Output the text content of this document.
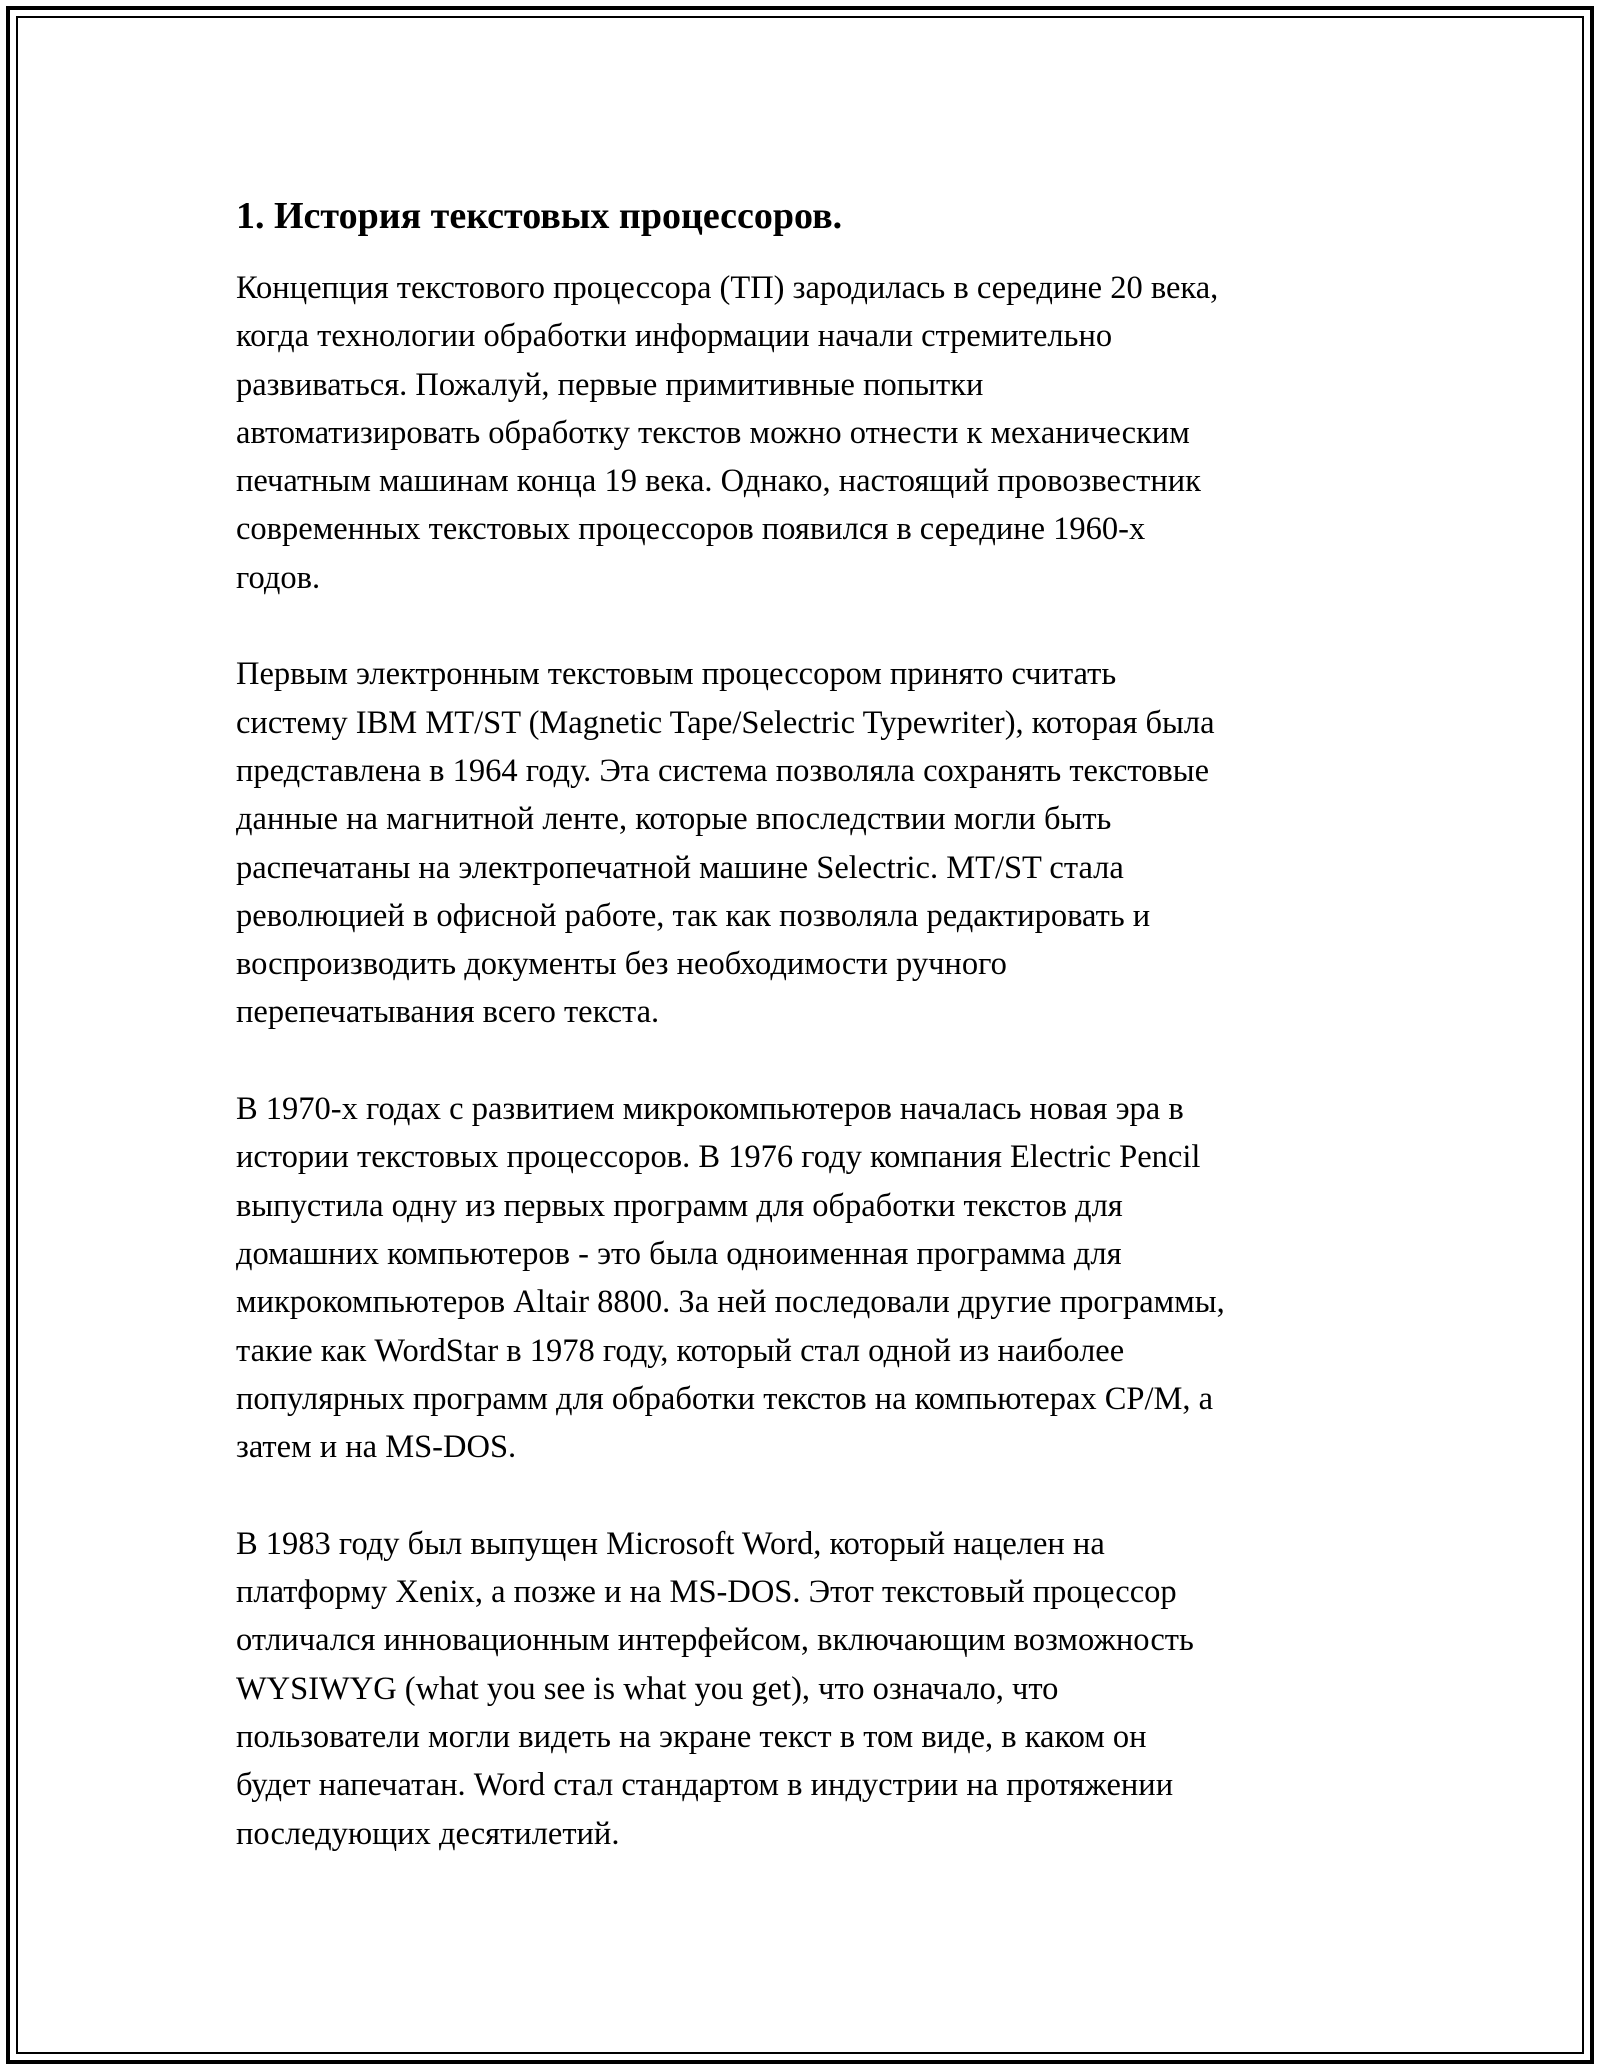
1. История текстовых процессоров.

Концепция текстового процессора (ТП) зародилась в середине 20 века,
когда технологии обработки информации начали стремительно
развиваться. Пожалуй, первые примитивные попытки
автоматизировать обработку текстов можно отнести к механическим
печатным машинам конца 19 века. Однако, настоящий провозвестник
современных текстовых процессоров появился в середине 1960-х
годов.

Первым электронным текстовым процессором принято считать
систему IBM MT/ST (Magnetic Tape/Selectric Typewriter), которая была
представлена в 1964 году. Эта система позволяла сохранять текстовые
данные на магнитной ленте, которые впоследствии могли быть
распечатаны на электропечатной машине Selectric. MT/ST стала
революцией в офисной работе, так как позволяла редактировать и
воспроизводить документы без необходимости ручного
перепечатывания всего текста.

В 1970-х годах с развитием микрокомпьютеров началась новая эра в
истории текстовых процессоров. В 1976 году компания Electric Pencil
выпустила одну из первых программ для обработки текстов для
домашних компьютеров - это была одноименная программа для
микрокомпьютеров Altair 8800. За ней последовали другие программы,
такие как WordStar в 1978 году, который стал одной из наиболее
популярных программ для обработки текстов на компьютерах CP/M, а
затем и на MS-DOS.

В 1983 году был выпущен Microsoft Word, который нацелен на
платформу Xenix, а позже и на MS-DOS. Этот текстовый процессор
отличался инновационным интерфейсом, включающим возможность
WYSIWYG (what you see is what you get), что означало, что
пользователи могли видеть на экране текст в том виде, в каком он
будет напечатан. Word стал стандартом в индустрии на протяжении
последующих десятилетий.
